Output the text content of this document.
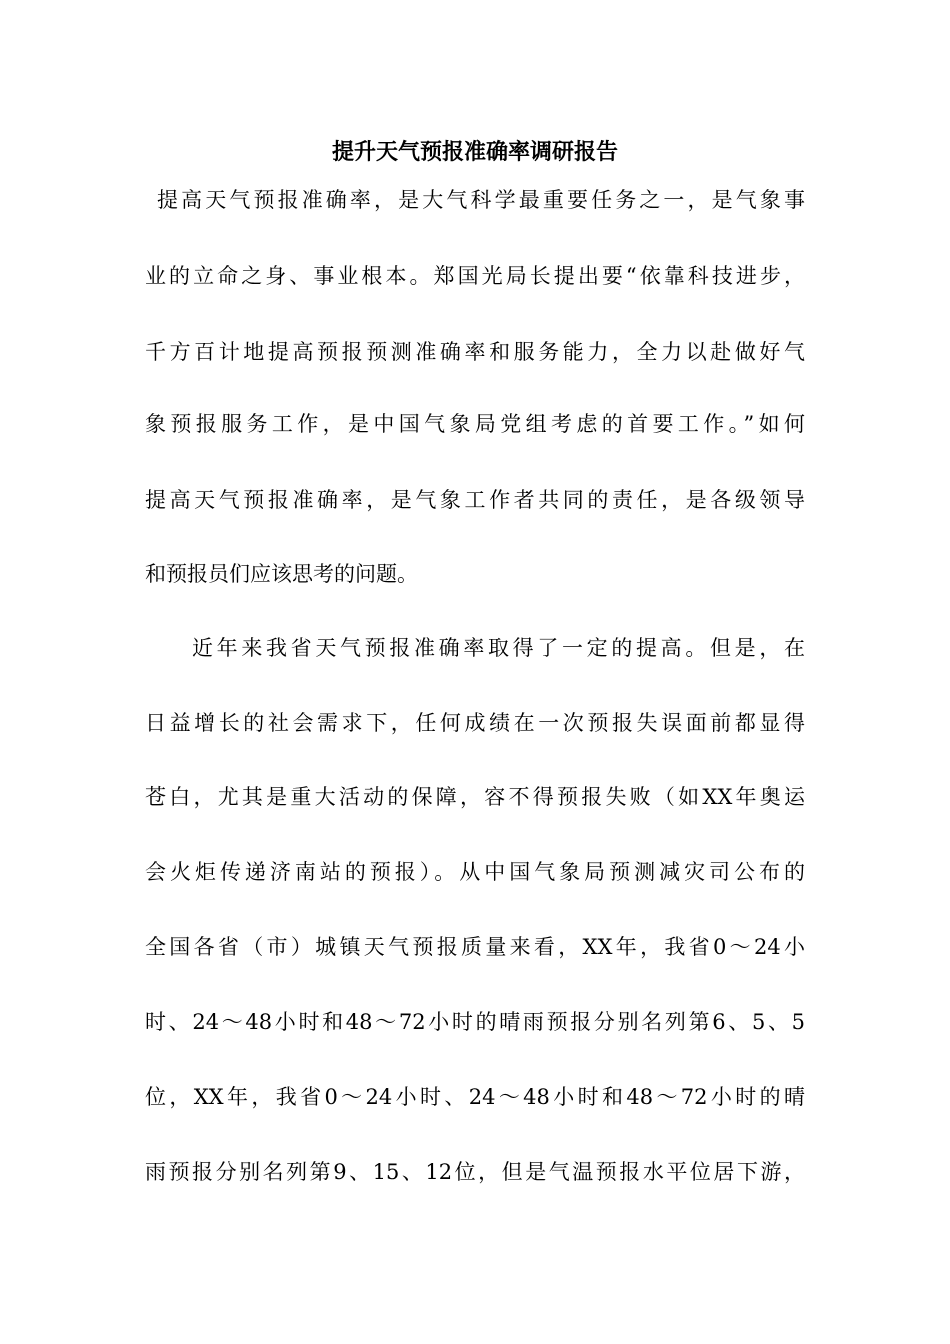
提升天气预报准确率调研报告
提高天气预报准确率，是大气科学最重要任务之一，是气象事
业的立命之身、事业根本。郑国光局长提出要“依靠科技进步，
千方百计地提高预报预测准确率和服务能力，全力以赴做好气
象预报服务工作，是中国气象局党组考虑的首要工作。”如何
提高天气预报准确率，是气象工作者共同的责任，是各级领导
和预报员们应该思考的问题。
近年来我省天气预报准确率取得了一定的提高。但是，在
日益增长的社会需求下，任何成绩在一次预报失误面前都显得
苍白，尤其是重大活动的保障，容不得预报失败（如XX年奥运
会火炬传递济南站的预报）。从中国气象局预测减灾司公布的
全国各省（市）城镇天气预报质量来看，XX年，我省0～24小
时、24～48小时和48～72小时的晴雨预报分别名列第6、5、5
位，XX年，我省0～24小时、24～48小时和48～72小时的晴
雨预报分别名列第9、15、12位，但是气温预报水平位居下游，
